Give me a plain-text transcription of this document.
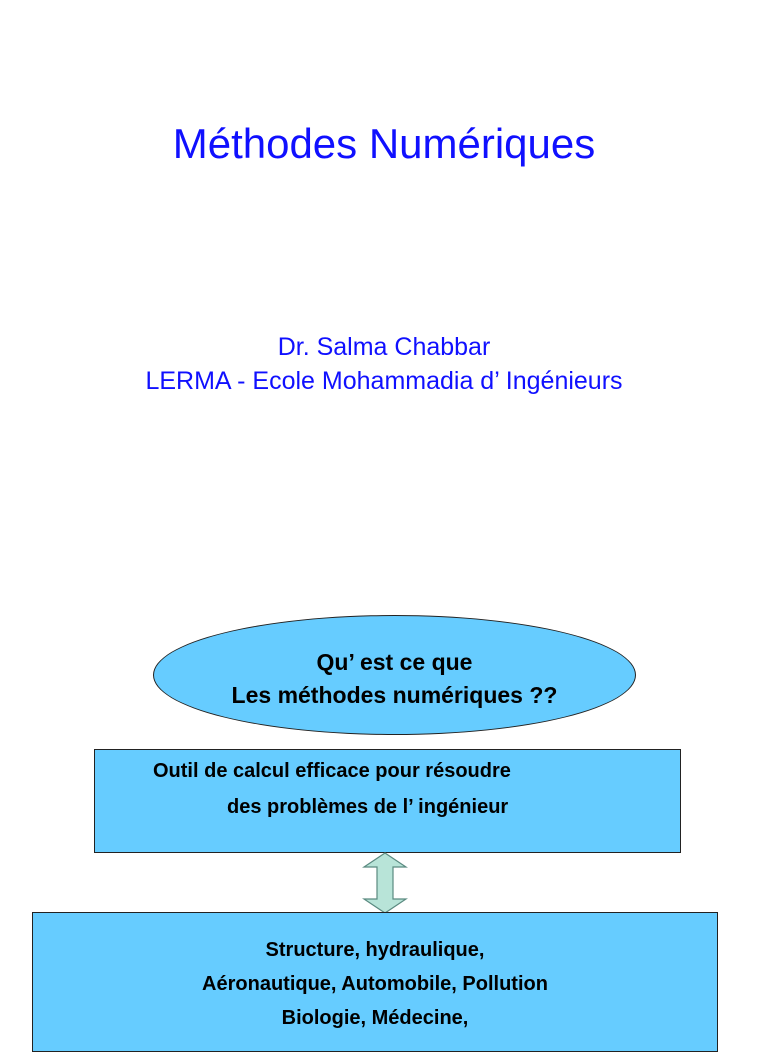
Méthodes Numériques
Dr. Salma Chabbar
LERMA - Ecole Mohammadia d’ Ingénieurs
Qu’ est ce que
Les méthodes numériques ??
Outil de calcul efficace pour résoudre
des problèmes de l’ ingénieur
Structure, hydraulique,
Aéronautique, Automobile, Pollution
Biologie, Médecine,
